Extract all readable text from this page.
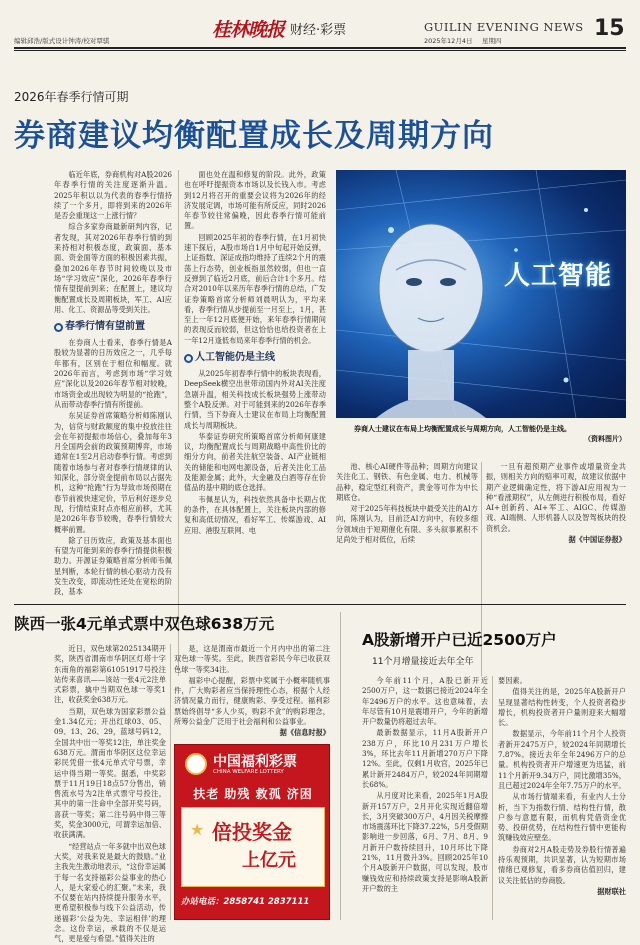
编辑邱浩/版式设计钟涛/校对覃骐	桂林晚报 财经·彩票	GUILIN EVENING NEWS
2025年12月4日 星期四	15
2026年春季行情可期
券商建议均衡配置成长及周期方向

临近年底，券商机构对A股2026年春季行情的关注度逐渐升温。2025年积以以为代表的春季行情持续了一个多月，即将到来的2026年是否会重现这一上涨行情？

综合多家券商最新研判内容，记者发现，其对2026年春季行情的到来持相对积极态度，政策面、基本面、资金面等方面的积极因素共振，叠加2026年春节时间较晚以及市场“学习效应”深化，2026年春季行情有望提前到来；在配置上，建议均衡配置成长及周期板块，军工、AI应用、化工、资源品等受到关注。

春季行情有望前置

在券商人士看来，春季行情是A股较为显著的日历效应之一，几乎每年都有，区别在于相位和幅度。就2026年而言，考虑到市场“学习效应”深化以及2026年春节相对较晚，市场资金或出现较为明显的“抢跑”，从而带动春季行情有所提前。

东吴证券首席策略分析师陈刚认为，信贷与财政额度的集中投放往往会在年初提振市场信心，叠加每年3月全国两会前的政策预期博弈，市场通常在1至2月启动春季行情。考虑到随着市场参与者对春季行情规律的认知深化，部分资金提前布局以占据先机，这种“抢跑”行为导致市场预期在春节前被快速定价，节后利好逐步兑现，行情结束时点亦相应前移，尤其是2026年春节较晚，春季行情较大概率前置。

除了日历效应，政策及基本面也有望为可能到来的春季行情提供积极助力。开源证券策略首席分析师韦佩星判断，本轮行情的核心驱动力没有发生改变，即流动性还处在宽松的阶段，基本

面也处在温和修复的阶段。此外，政策也在呼吁提振资本市场以及长钱入市。考虑到12月将召开的重要会议将为2026年的经济发展定调，市场可能有所反应，同时2026年春节较往常偏晚，因此春季行情可能前置。

回顾2025年初的春季行情，在1月初快速下探后，A股市场自1月中旬起开始反弹，上证指数、深证成指均维持了连续2个月的震荡上行态势，创业板指虽然较弱，但也一直反弹到了临近2月底，前后合计1个多月。结合对2010年以来历年春季行情的总结，广发证券策略首席分析师刘晨明认为，平均来看，春季行情从步提前至一月至上，1月，甚至上一年12月底便开始，来年春季行情期间的表现反而较弱，但这恰恰也给投资者在上一年12月逢低布局来年春季行情的机会。

人工智能仍是主线

从2025年初春季行情中的板块表现看，DeepSeek横空出世带动国内外对AI关注度急剧升温，相关科技成长板块强势上涨带动整个A股反弹。对于可能到来的2026年春季行情，当下券商人士建议在布局上均衡配置成长与周期板块。

华泰证券研究所策略首席分析师何康建议，均衡配置成长与周期战略中高性价比的细分方向，前者关注航空装备、AI产业链相关的储能和电网电源设备，后者关注化工品及能源金属；此外，大金融及白酒等存在价值品的基中期的底仓选择。

韦佩星认为，科技依然具备中长期占优的条件，在具体配置上，关注板块内部的修复和高低切情况，看好军工、传媒游戏、AI应用、港股互联网、电

人工智能
券商人士建议在布局上均衡配置成长与周期方向，人工智能仍是主线。
（资料图片）

池、核心AI硬件等品种；周期方向建议关注化工、钢铁、有色金属、电力、机械等品种，稳定型红利资产，黄金等可作为中长期底仓。

对于2025年科技板块中最受关注的AI方向，陈刚认为，目前泛AI方向中，有较多细分领域由于短期催化有限、多头叙事累积不足尚处于相对低位，后续

一旦有超预期产业事件或增量资金共振，则相关方向的赔率可观，故建议依据中期产业逻辑确定性，将下游AI应用视为一种“看涨期权”，从左侧进行积极布局，看好AI+创新药、AI+军工、AIGC、传媒游戏、AI端侧、人形机器人以及智驾板块的投资机会。

据《中国证券报》

陕西一张4元单式票中双色球638万元

近日，双色球第2025134期开奖，陕西省渭南市华阴区灯塔十字东南角的福彩第61051917号投注站传来喜讯——该站一张4元2注单式彩票，擒中当期双色球一等奖1注，收获奖金638万元。

当期，双色球为国家彩票公益金1.34亿元；开出红球03、05、09、13、26、29，蓝球号码12，全国共中出一等奖12注，单注奖金638万元。渭南市华阴区这位幸运彩民凭借一张4元单式守号票，幸运中得当期一等奖。据悉，中奖彩票于11月19日18点57分售出，销售流水号为2注单式票守号投注，其中的第一注命中全部开奖号码，喜获一等奖；第二注号码中得三等奖，奖金3000元，可谓幸运加倍、收获满满。

“经营站点一年多就中出双色球大奖，对我来说是最大的鼓励。”业主我先生激动地表示，“这份幸运属于每一名支持福彩公益事业的热心人，是大家爱心的汇聚。”未来，我不仅要在站内持续提升服务水平，更希望积极参与线下公益活动，传递福彩‘公益为先、幸运相伴’的理念。这份幸运，承载的不仅是运气，更是爱与希望。”值得关注的

是，这是渭南市最近一个月内中出的第二注双色球一等奖。至此，陕西省彩民今年已收获双色球一等奖34注。

福彩中心提醒，彩票中奖属于小概率随机事件，广大购彩者应当保持理性心态，根据个人经济情况量力而行，健康购彩、享受过程。福利彩票始终倡导“多人少买，购彩不贪”的购彩理念，所筹公益金广泛用于社会福利和公益事业。

据《信息时报》

中国福利彩票
CHINA WELFARE LOTTERY
扶老 助残 救孤 济困
倍投奖金
上亿元
★
办站电话：2858741 2837111
A股新增开户已近2500万户
11个月增量接近去年全年

今年前11个月，A股已新开近2500万户，这一数据已接近2024年全年2496万户的水平。这也意味着，去年尽管有10月是震增开户，今年的新增开户数量仍将超过去年。

最新数据显示，11月A股新开户238万户，环比10月231万户增长3%，环比去年11月新增270万户下降12%。至此，仅剩1月收官，2025年已累计新开2484万户，较2024年同期增长68%。

从月度对比来看，2025年1月A股新开157万户，2月开化实现近翻倍增长，3月突破300万户，4月因关税摩擦市场震荡环比下降37.22%，5月受假期影响进一步回落，6月、7月、8月、9月新开户数持续回升，10月环比下降21%，11月微升3%。回顾2025年10个月A股新开户数据，可以发现，股市赚钱效应和持续政策支持是影响A股新开户数的主

要因素。

值得关注的是，2025年A股新开户呈现显著结构性转变，个人投资者稳步增长，机构投资者开户量则迎来大幅增长。

数据显示，今年前11个月个人投资者新开2475万户，较2024年同期增长7.87%。接近去年全年2496万户的总量。机构投资者开户增速更为迅猛，前11个月新开9.34万户，同比激增35%，且已超过2024年全年7.75万户的水平。

从市场行情端来看，有业内人士分析，当下为指数行情、结构性行情，散户参与意愿有限，而机构凭借资金优势、投研优势，在结构性行情中更能构筑赚钱效应壁垒。

券商对2月A股走势及券股行情普遍持乐观预期，共识显著，认为短期市场情绪已观修复，看多券商估值回归，建议关注低估的券商股。

据财联社
